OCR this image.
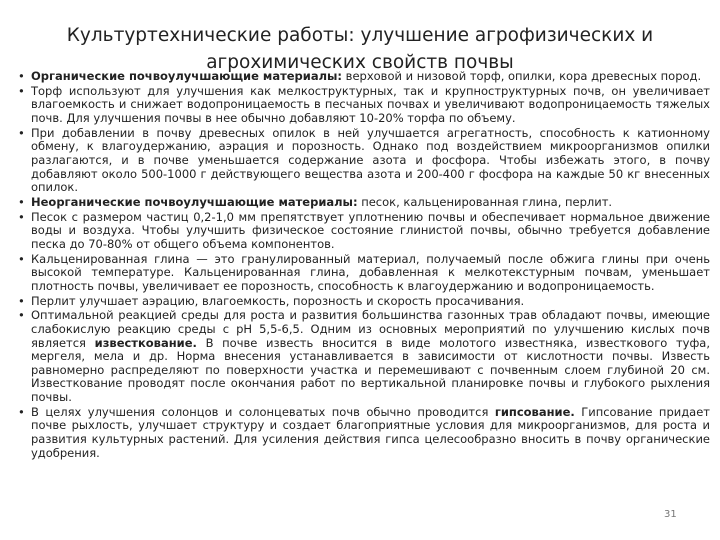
Культуртехнические работы: улучшение агрофизических и
агрохимических свойств почвы
• Органические почвоулучшающие материалы: верховой и низовой торф, опилки, кора древесных пород.
• Торф используют для улучшения как мелкоструктурных, так и крупноструктурных почв, он увеличивает влагоемкость и снижает водопроницаемость в песчаных почвах и увеличивают водопроницаемость тяжелых почв. Для улучшения почвы в нее обычно добавляют 10-20% торфа по объему.
• При добавлении в почву древесных опилок в ней улучшается агрегатность, способность к катионному обмену, к влагоудержанию, аэрация и порозность. Однако под воздействием микроорганизмов опилки разлагаются, и в почве уменьшается содержание азота и фосфора. Чтобы избежать этого, в почву добавляют около 500-1000 г действующего вещества азота и 200-400 г фосфора на каждые 50 кг внесенных опилок.
• Неорганические почвоулучшающие материалы: песок, кальценированная глина, перлит.
• Песок с размером частиц 0,2-1,0 мм препятствует уплотнению почвы и обеспечивает нормальное движение воды и воздуха. Чтобы улучшить физическое состояние глинистой почвы, обычно требуется добавление песка до 70-80% от общего объема компонентов.
• Кальценированная глина — это гранулированный материал, получаемый после обжига глины при очень высокой температуре. Кальценированная глина, добавленная к мелкотекстурным почвам, уменьшает плотность почвы, увеличивает ее порозность, способность к влагоудержанию и водопроницаемость.
• Перлит улучшает аэрацию, влагоемкость, порозность и скорость просачивания.
• Оптимальной реакцией среды для роста и развития большинства газонных трав обладают почвы, имеющие слабокислую реакцию среды с рН 5,5-6,5. Одним из основных мероприятий по улучшению кислых почв является известкование. В почве известь вносится в виде молотого известняка, известкового туфа, мергеля, мела и др. Норма внесения устанавливается в зависимости от кислотности почвы. Известь равномерно распределяют по поверхности участка и перемешивают с почвенным слоем глубиной 20 см. Известкование проводят после окончания работ по вертикальной планировке почвы и глубокого рыхления почвы.
• В целях улучшения солонцов и солонцеватых почв обычно проводится гипсование. Гипсование придает почве рыхлость, улучшает структуру и создает благоприятные условия для микроорганизмов, для роста и развития культурных растений. Для усиления действия гипса целесообразно вносить в почву органические удобрения.
31
